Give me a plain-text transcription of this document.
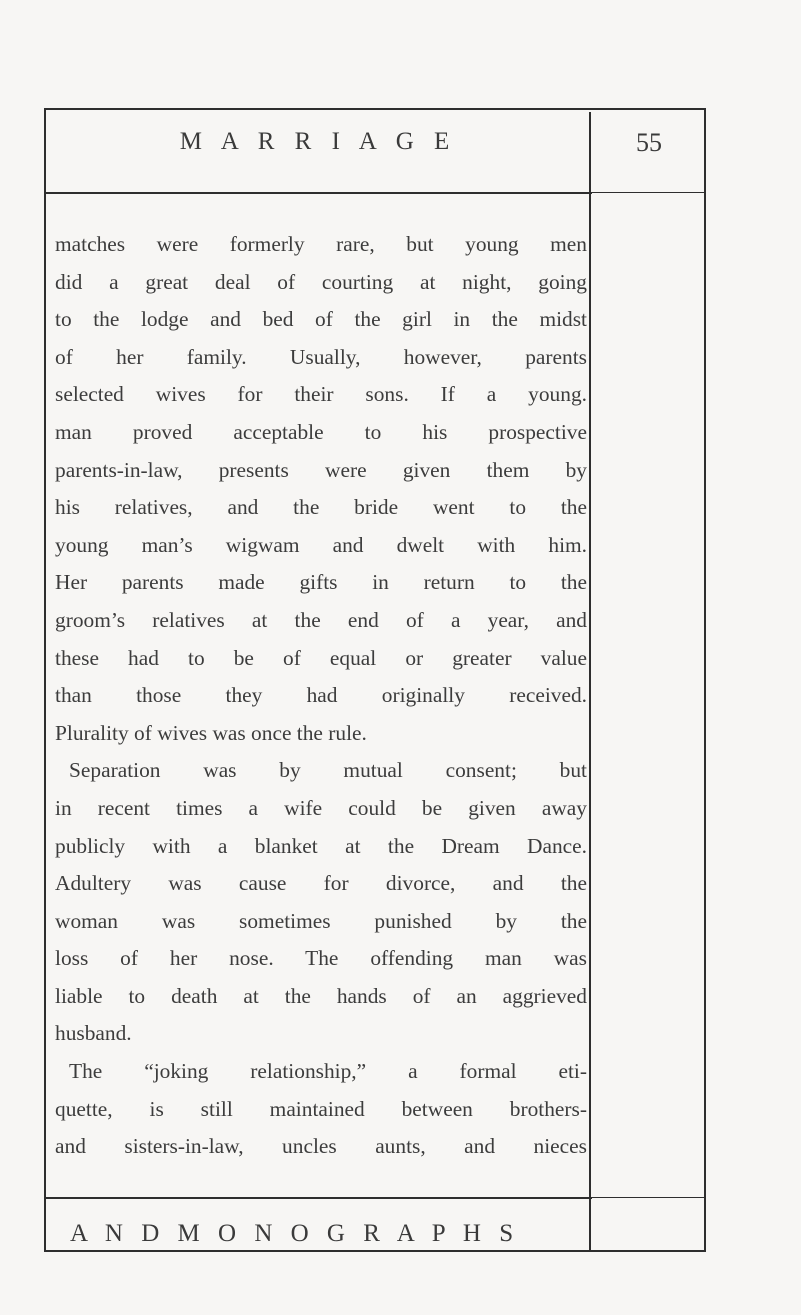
M A R R I A G E	55
matches were formerly rare, but young men
did a great deal of courting at night, going
to the lodge and bed of the girl in the midst
of her family. Usually, however, parents
selected wives for their sons. If a young.
man proved acceptable to his prospective
parents-in-law, presents were given them by
his relatives, and the bride went to the
young man’s wigwam and dwelt with him.
Her parents made gifts in return to the
groom’s relatives at the end of a year, and
these had to be of equal or greater value
than those they had originally received.
Plurality of wives was once the rule.
Separation was by mutual consent; but
in recent times a wife could be given away
publicly with a blanket at the Dream Dance.
Adultery was cause for divorce, and the
woman was sometimes punished by the
loss of her nose. The offending man was
liable to death at the hands of an aggrieved
husband.
The “joking relationship,” a formal eti-
quette, is still maintained between brothers-
and sisters-in-law, uncles aunts, and nieces
A N D M O N O G R A P H S
